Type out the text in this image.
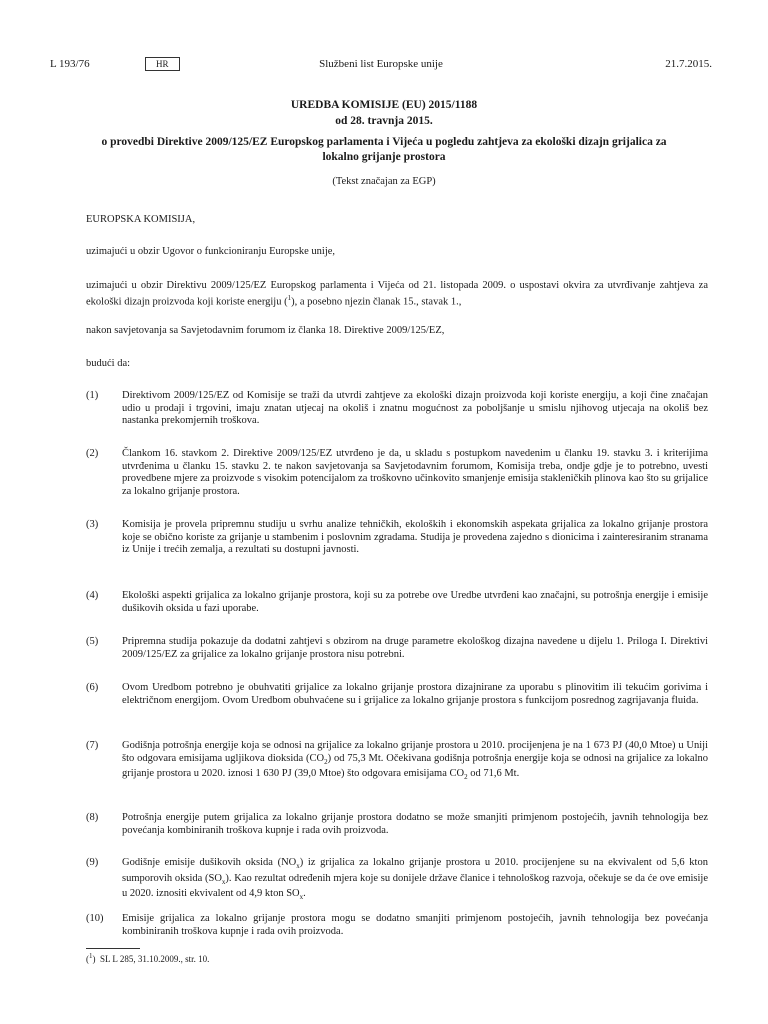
L 193/76	HR	Službeni list Europske unije	21.7.2015.
UREDBA KOMISIJE (EU) 2015/1188
od 28. travnja 2015.
o provedbi Direktive 2009/125/EZ Europskog parlamenta i Vijeća u pogledu zahtjeva za ekološki dizajn grijalica za lokalno grijanje prostora
(Tekst značajan za EGP)
EUROPSKA KOMISIJA,
uzimajući u obzir Ugovor o funkcioniranju Europske unije,
uzimajući u obzir Direktivu 2009/125/EZ Europskog parlamenta i Vijeća od 21. listopada 2009. o uspostavi okvira za utvrđivanje zahtjeva za ekološki dizajn proizvoda koji koriste energiju ($^1$), a posebno njezin članak 15., stavak 1.,
nakon savjetovanja sa Savjetodavnim forumom iz članka 18. Direktive 2009/125/EZ,
budući da:
(1) Direktivom 2009/125/EZ od Komisije se traži da utvrdi zahtjeve za ekološki dizajn proizvoda koji koriste energiju, a koji čine značajan udio u prodaji i trgovini, imaju znatan utjecaj na okoliš i znatnu mogućnost za poboljšanje u smislu njihovog utjecaja na okoliš bez nastanka prekomjernih troškova.
(2) Člankom 16. stavkom 2. Direktive 2009/125/EZ utvrđeno je da, u skladu s postupkom navedenim u članku 19. stavku 3. i kriterijima utvrđenima u članku 15. stavku 2. te nakon savjetovanja sa Savjetodavnim forumom, Komisija treba, ondje gdje je to potrebno, uvesti provedbene mjere za proizvode s visokim potencijalom za troškovno učinkovito smanjenje emisija stakleničkih plinova kao što su grijalice za lokalno grijanje prostora.
(3) Komisija je provela pripremnu studiju u svrhu analize tehničkih, ekoloških i ekonomskih aspekata grijalica za lokalno grijanje prostora koje se obično koriste za grijanje u stambenim i poslovnim zgradama. Studija je provedena zajedno s dionicima i zainteresiranim stranama iz Unije i trećih zemalja, a rezultati su dostupni javnosti.
(4) Ekološki aspekti grijalica za lokalno grijanje prostora, koji su za potrebe ove Uredbe utvrđeni kao značajni, su potrošnja energije i emisije dušikovih oksida u fazi uporabe.
(5) Pripremna studija pokazuje da dodatni zahtjevi s obzirom na druge parametre ekološkog dizajna navedene u dijelu 1. Priloga I. Direktivi 2009/125/EZ za grijalice za lokalno grijanje prostora nisu potrebni.
(6) Ovom Uredbom potrebno je obuhvatiti grijalice za lokalno grijanje prostora dizajnirane za uporabu s plinovitim ili tekućim gorivima i električnom energijom. Ovom Uredbom obuhvaćene su i grijalice za lokalno grijanje prostora s funkcijom posrednog zagrijavanja fluida.
(7) Godišnja potrošnja energije koja se odnosi na grijalice za lokalno grijanje prostora u 2010. procijenjena je na 1 673 PJ (40,0 Mtoe) u Uniji što odgovara emisijama ugljikova dioksida $(CO_2)$ od 75,3 Mt. Očekivana godišnja potrošnja energije koja se odnosi na grijalice za lokalno grijanje prostora u 2020. iznosi 1 630 PJ (39,0 Mtoe) što odgovara emisijama $CO_2$ od 71,6 Mt.
(8) Potrošnja energije putem grijalica za lokalno grijanje prostora dodatno se može smanjiti primjenom postojećih, javnih tehnologija bez povećanja kombiniranih troškova kupnje i rada ovih proizvoda.
(9) Godišnje emisije dušikovih oksida $(NO_x)$ iz grijalica za lokalno grijanje prostora u 2010. procijenjene su na ekvivalent od 5,6 kton sumporovih oksida $(SO_x)$. Kao rezultat određenih mjera koje su donijele države članice i tehnološkog razvoja, očekuje se da će ove emisije u 2020. iznositi ekvivalent od 4,9 kton $SO_x$.
(10) Emisije grijalica za lokalno grijanje prostora mogu se dodatno smanjiti primjenom postojećih, javnih tehnologija bez povećanja kombiniranih troškova kupnje i rada ovih proizvoda.
($^1$)  SL L 285, 31.10.2009., str. 10.
